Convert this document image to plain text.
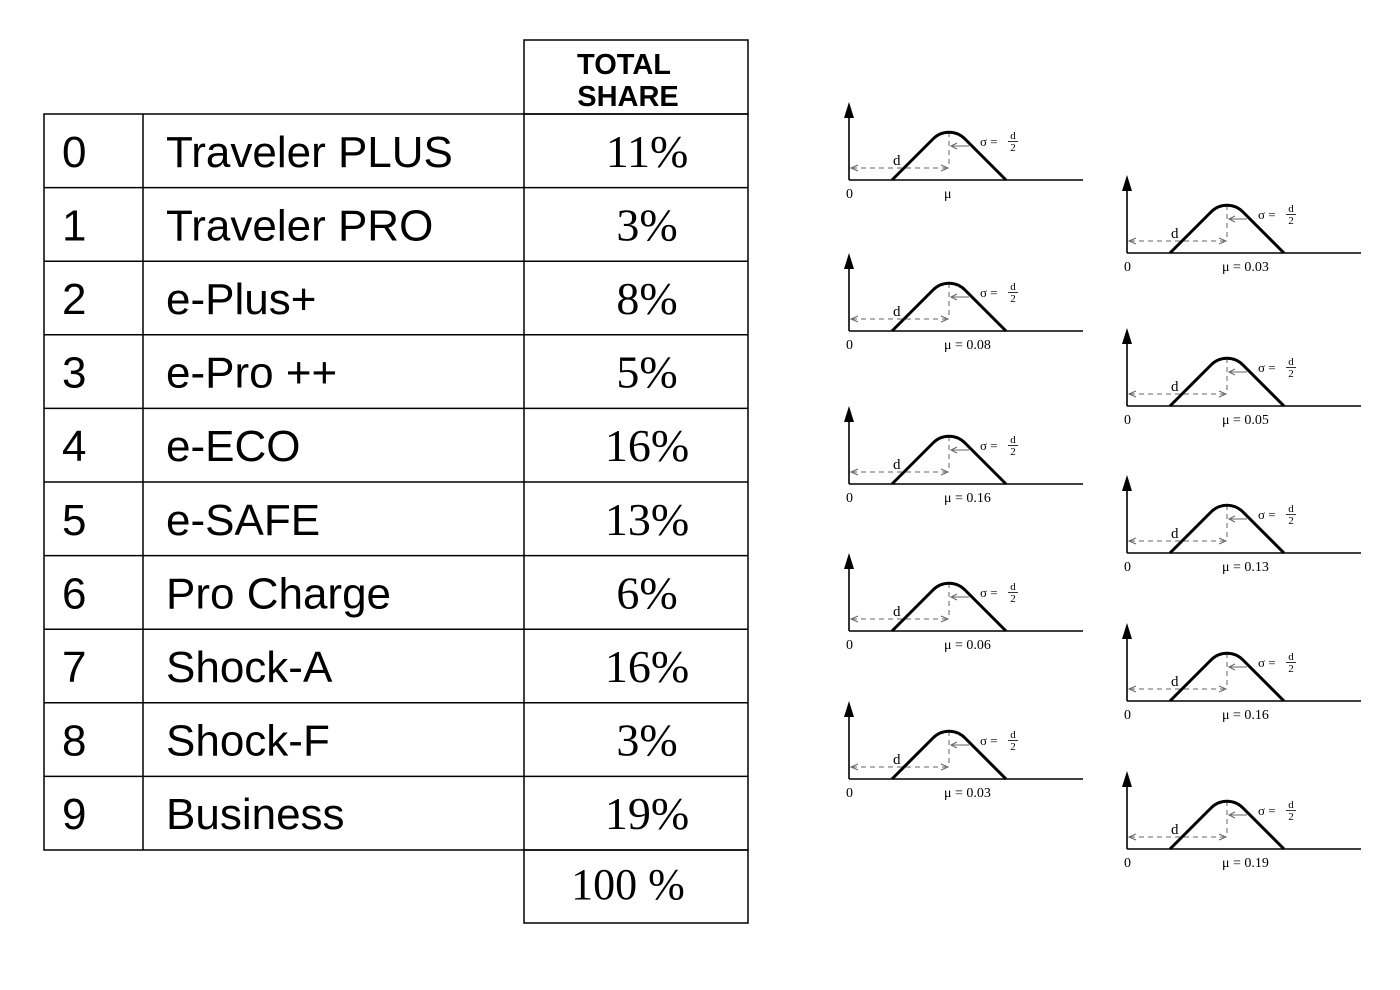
TOTAL
SHARE
0 Traveler PLUS	11%
1 Traveler PRO	3%
2 e-Plus+	8%
3 e-Pro ++	5%
4 e-ECO	16%
5 e-SAFE	13%
6 Pro Charge	6%
7 Shock-A	16%
8 Shock-F	3%
9 Business	19%
100 %
d
σ = d
2
0	μ
d
σ = d
2
0	μ = 0.08
d
σ = d
2
0	μ = 0.16
d
σ = d
2
0	μ = 0.06
d
σ = d
2
0	μ = 0.03
d
σ = d
2
0	μ = 0.03
d
σ = d
2
0	μ = 0.05
d
σ = d
2
0	μ = 0.13
d
σ = d
2
0	μ = 0.16
d
σ = d
2
0	μ = 0.19
